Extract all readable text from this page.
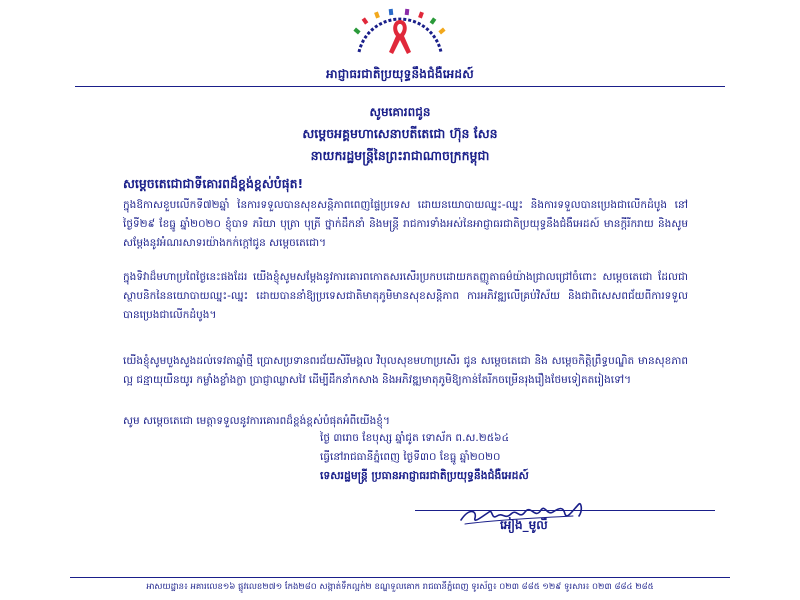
អាជ្ញាធរជាតិប្រយុទ្ធនឹងជំងឺអេដស៍
សូមគោរពជូន
សម្តេចអគ្គមហាសេនាបតីតេជោ ហ៊ុន សែន
នាយករដ្ឋមន្ត្រីនៃព្រះរាជាណាចក្រកម្ពុជា
សម្តេចតេជោជាទីគោរពដ៏ខ្ពង់ខ្ពស់បំផុត!

ក្នុងឱកាសខួបលើកទី៧២ឆ្នាំ នៃការទទួលបានសុខសន្តិភាពពេញផ្ទៃប្រទេស ដោយនយោបាយឈ្នះ-ឈ្នះ និងការទទួលបានប្រេងជាលើកដំបូង នៅថ្ងៃទី២៩ ខែធ្នូ ឆ្នាំ២០២០ ខ្ញុំបាទ ភរិយា បុត្រា បុត្រី ថ្នាក់ដឹកនាំ និងមន្ត្រី រាជការទាំងអស់នៃអាជ្ញាធរជាតិប្រយុទ្ធនឹងជំងឺអេដស៍ មានក្តីរីករាយ និងសូមសម្តែងនូវអំណរសាទរយ៉ាងកក់ក្តៅជូន សម្តេចតេជោ។

ក្នុងទិវាដ៏មហាប្រពៃថ្ងៃនេះផងដែរ យើងខ្ញុំសូមសម្តែងនូវការគោរពកោតសរសើរប្រកបដោយកតញ្ញូតាធម៌យ៉ាងជ្រាលជ្រៅចំពោះ សម្តេចតេជោ ដែលជាស្ថាបនិកនៃនយោបាយឈ្នះ-ឈ្នះ ដោយបាននាំឱ្យប្រទេសជាតិមាតុភូមិមានសុខសន្តិភាព ការអភិវឌ្ឍលើគ្រប់វិស័យ និងជាពិសេសពជ័យពីការទទួលបានប្រេងជាលើកដំបូង។

យើងខ្ញុំសូមបួងសួងដល់ទេវតាឆ្នាំថ្មី ប្រោសប្រទានពរជ័យសិរីមង្គល វិបុលសុខមហាប្រសើរ ជូន សម្តេចតេជោ និង សម្តេចកិត្តិព្រឹទ្ធបណ្ឌិត មានសុខភាពល្អ ជន្មាយុយឺនយូរ កម្លាំងខ្លាំងក្លា ប្រាជ្ញាឈ្លាសវៃ ដើម្បីដឹកនាំកសាង និងអភិវឌ្ឍមាតុភូមិឱ្យកាន់តែរីកចម្រើនរុងរឿងថែមទៀតតរៀងទៅ។

សូម សម្តេចតេជោ មេត្តាទទួលនូវការគោរពដ៏ខ្ពង់ខ្ពស់បំផុតអំពីយើងខ្ញុំ។

ថ្ងៃ ៣រោច ខែបុស្ស ឆ្នាំជូត ទោស័ក ព.ស.២៥៦៤
ធ្វើនៅរាជធានីភ្នំពេញ ថ្ងៃទី៣០ ខែធ្នូ ឆ្នាំ២០២០
ទេសរដ្ឋមន្ត្រី ប្រធានអាជ្ញាធរជាតិប្រយុទ្ធនឹងជំងឺអេដស៍
អៀង_មូលី
អាសយដ្ឋាន៖ អគារលេខ១៦ ផ្លូវលេខ២៧១ កែង២៨០ សង្កាត់ទឹកល្អក់២ ខណ្ឌទួលគោក រាជធានីភ្នំពេញ ទូរស័ព្ទ៖ ០២៣ ៨៨៥ ១២៩ ទូរសារ៖ ០២៣ ៨៨៤ ២៨៥
